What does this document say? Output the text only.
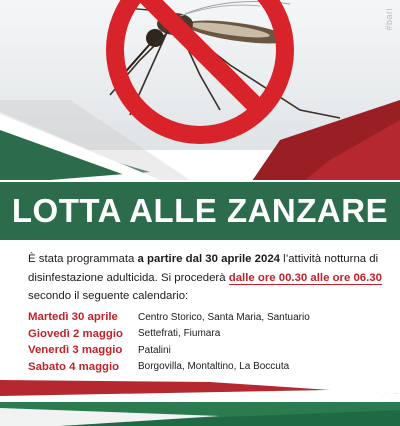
#bari
LOTTA ALLE ZANZARE
È stata programmata a partire dal 30 aprile 2024 l’attività notturna di disinfestazione adulticida. Si procederà dalle ore 00.30 alle ore 06.30 secondo il seguente calendario:
Martedì 30 aprile	Centro Storico, Santa Maria, Santuario
Giovedì 2 maggio	Settefrati, Fiumara
Venerdì 3 maggio	Patalini
Sabato 4 maggio	Borgovilla, Montaltino, La Boccuta
